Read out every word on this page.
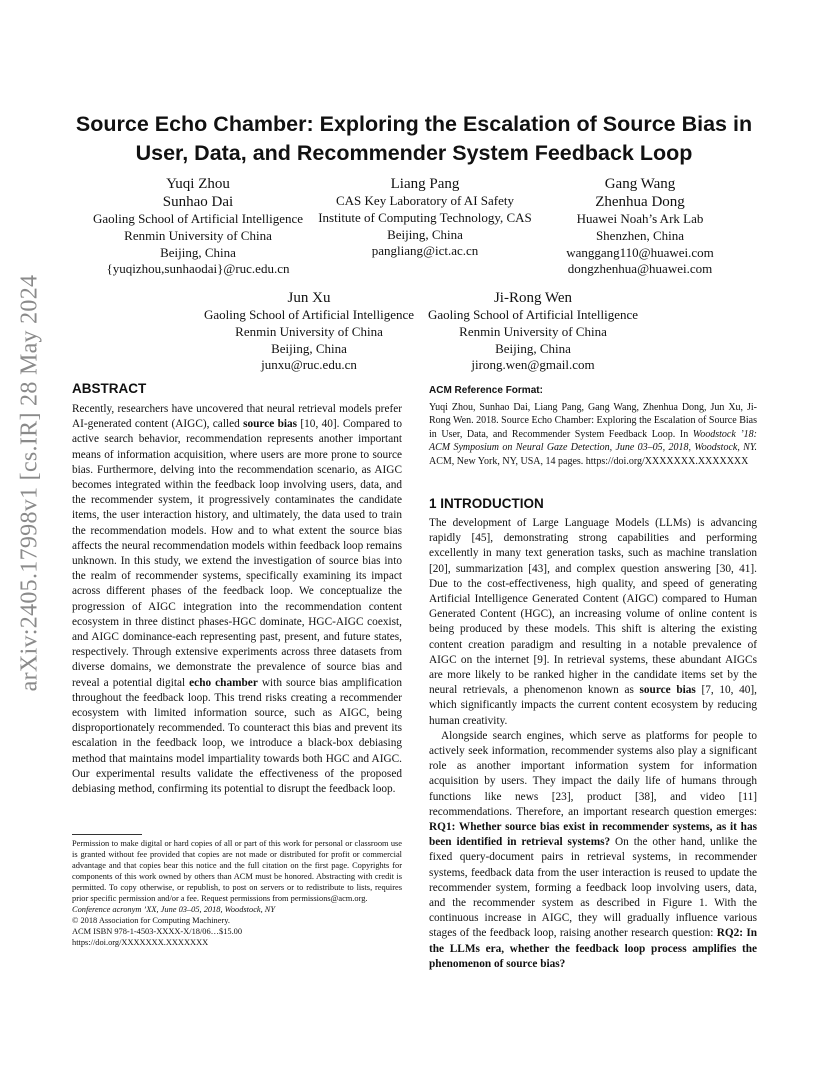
arXiv:2405.17998v1 [cs.IR] 28 May 2024
Source Echo Chamber: Exploring the Escalation of Source Bias in
User, Data, and Recommender System Feedback Loop
Yuqi Zhou
Sunhao Dai
Gaoling School of Artificial Intelligence
Renmin University of China
Beijing, China
{yuqizhou,sunhaodai}@ruc.edu.cn
Liang Pang
CAS Key Laboratory of AI Safety
Institute of Computing Technology, CAS
Beijing, China
pangliang@ict.ac.cn
Gang Wang
Zhenhua Dong
Huawei Noah’s Ark Lab
Shenzhen, China
wanggang110@huawei.com
dongzhenhua@huawei.com
Jun Xu
Gaoling School of Artificial Intelligence
Renmin University of China
Beijing, China
junxu@ruc.edu.cn
Ji-Rong Wen
Gaoling School of Artificial Intelligence
Renmin University of China
Beijing, China
jirong.wen@gmail.com
ABSTRACT

Recently, researchers have uncovered that neural retrieval models prefer AI-generated content (AIGC), called source bias [10, 40]. Compared to active search behavior, recommendation represents another important means of information acquisition, where users are more prone to source bias. Furthermore, delving into the recommendation scenario, as AIGC becomes integrated within the feedback loop involving users, data, and the recommender system, it progressively contaminates the candidate items, the user interaction history, and ultimately, the data used to train the recommendation models. How and to what extent the source bias affects the neural recommendation models within feedback loop remains unknown. In this study, we extend the investigation of source bias into the realm of recommender systems, specifically examining its impact across different phases of the feedback loop. We conceptualize the progression of AIGC integration into the recommendation content ecosystem in three distinct phases-HGC dominate, HGC-AIGC coexist, and AIGC dominance-each representing past, present, and future states, respectively. Through extensive experiments across three datasets from diverse domains, we demonstrate the prevalence of source bias and reveal a potential digital echo chamber with source bias amplification throughout the feedback loop. This trend risks creating a recommender ecosystem with limited information source, such as AIGC, being disproportionately recommended. To counteract this bias and prevent its escalation in the feedback loop, we introduce a black-box debiasing method that maintains model impartiality towards both HGC and AIGC. Our experimental results validate the effectiveness of the proposed debiasing method, confirming its potential to disrupt the feedback loop.

Permission to make digital or hard copies of all or part of this work for personal or classroom use is granted without fee provided that copies are not made or distributed for profit or commercial advantage and that copies bear this notice and the full citation on the first page. Copyrights for components of this work owned by others than ACM must be honored. Abstracting with credit is permitted. To copy otherwise, or republish, to post on servers or to redistribute to lists, requires prior specific permission and/or a fee. Request permissions from permissions@acm.org.
Conference acronym ’XX, June 03–05, 2018, Woodstock, NY
© 2018 Association for Computing Machinery.
ACM ISBN 978-1-4503-XXXX-X/18/06…$15.00
https://doi.org/XXXXXXX.XXXXXXX
ACM Reference Format:
Yuqi Zhou, Sunhao Dai, Liang Pang, Gang Wang, Zhenhua Dong, Jun Xu, Ji-Rong Wen. 2018. Source Echo Chamber: Exploring the Escalation of Source Bias in User, Data, and Recommender System Feedback Loop. In Woodstock ’18: ACM Symposium on Neural Gaze Detection, June 03–05, 2018, Woodstock, NY. ACM, New York, NY, USA, 14 pages. https://doi.org/XXXXXXX.XXXXXXX
1 INTRODUCTION

The development of Large Language Models (LLMs) is advancing rapidly [45], demonstrating strong capabilities and performing excellently in many text generation tasks, such as machine translation [20], summarization [43], and complex question answering [30, 41]. Due to the cost-effectiveness, high quality, and speed of generating Artificial Intelligence Generated Content (AIGC) compared to Human Generated Content (HGC), an increasing volume of online content is being produced by these models. This shift is altering the existing content creation paradigm and resulting in a notable prevalence of AIGC on the internet [9]. In retrieval systems, these abundant AIGCs are more likely to be ranked higher in the candidate items set by the neural retrievals, a phenomenon known as source bias [7, 10, 40], which significantly impacts the current content ecosystem by reducing human creativity.

Alongside search engines, which serve as platforms for people to actively seek information, recommender systems also play a significant role as another important information system for information acquisition by users. They impact the daily life of humans through functions like news [23], product [38], and video [11] recommendations. Therefore, an important research question emerges: RQ1: Whether source bias exist in recommender systems, as it has been identified in retrieval systems? On the other hand, unlike the fixed query-document pairs in retrieval systems, in recommender systems, feedback data from the user interaction is reused to update the recommender system, forming a feedback loop involving users, data, and the recommender system as described in Figure 1. With the continuous increase in AIGC, they will gradually influence various stages of the feedback loop, raising another research question: RQ2: In the LLMs era, whether the feedback loop process amplifies the phenomenon of source bias?
